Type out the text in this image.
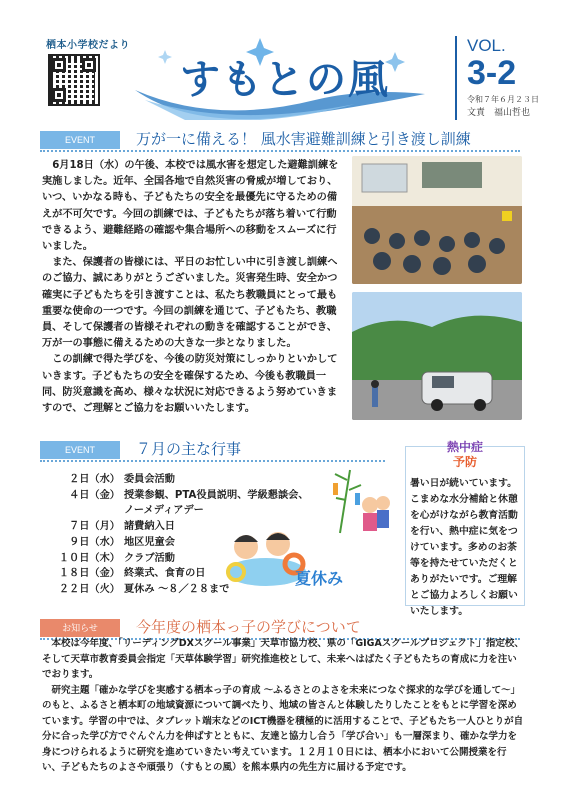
栖本小学校だより
すもとの風
VOL.
3-2
令和７年６月２３日
文責　福山哲也
EVENT	万が一に備える！ 風水害避難訓練と引き渡し訓練

6月18日（水）の午後、本校では風水害を想定した避難訓練を実施しました。近年、全国各地で自然災害の脅威が増しており、いつ、いかなる時も、子どもたちの安全を最優先に守るための備えが不可欠です。今回の訓練では、子どもたちが落ち着いて行動できるよう、避難経路の確認や集合場所への移動をスムーズに行いました。

また、保護者の皆様には、平日のお忙しい中に引き渡し訓練へのご協力、誠にありがとうございました。災害発生時、安全かつ確実に子どもたちを引き渡すことは、私たち教職員にとって最も重要な使命の一つです。今回の訓練を通じて、子どもたち、教職員、そして保護者の皆様それぞれの動きを確認することができ、万が一の事態に備えるための大きな一歩となりました。

この訓練で得た学びを、今後の防災対策にしっかりといかしていきます。子どもたちの安全を確保するため、今後も教職員一同、防災意識を高め、様々な状況に対応できるよう努めていきますので、ご理解とご協力をお願いいたします。

EVENT	７月の主な行事
２日（水） 委員会活動
４日（金） 授業参観、PTA役員説明、学級懇談会、
ノーメディアデー
７日（月） 諸費納入日
９日（水） 地区児童会
１０日（木） クラブ活動
１８日（金） 終業式、食育の日
２２日（火） 夏休み ～８／２８まで
夏休み
熱中症
予防
暑い日が続いています。こまめな水分補給と休憩を心がけながら教育活動を行い、熱中症に気をつけています。多めのお茶等を持たせていただくとありがたいです。ご理解とご協力よろしくお願いいたします。
お知らせ	今年度の栖本っ子の学びについて

本校は今年度、「リーディングDXスクール事業」天草市協力校、県の「GIGAスクールプロジェクト」指定校、そして天草市教育委員会指定「天草体験学習」研究推進校として、未来へはばたく子どもたちの育成に力を注いでおります。

研究主題「確かな学びを実感する栖本っ子の育成 ～ふるさとのよさを未来につなぐ探求的な学びを通して～」のもと、ふるさと栖本町の地域資源について調べたり、地域の皆さんと体験したりしたことをもとに学習を深めています。学習の中では、タブレット端末などのICT機器を積極的に活用することで、子どもたち一人ひとりが自分に合った学び方でぐんぐん力を伸ばすとともに、友達と協力し合う「学び合い」も一層深まり、確かな学力を身につけられるように研究を進めていきたい考えています。１２月１０日には、栖本小において公開授業を行い、子どもたちのよさや頑張り（すもとの風）を熊本県内の先生方に届ける予定です。
